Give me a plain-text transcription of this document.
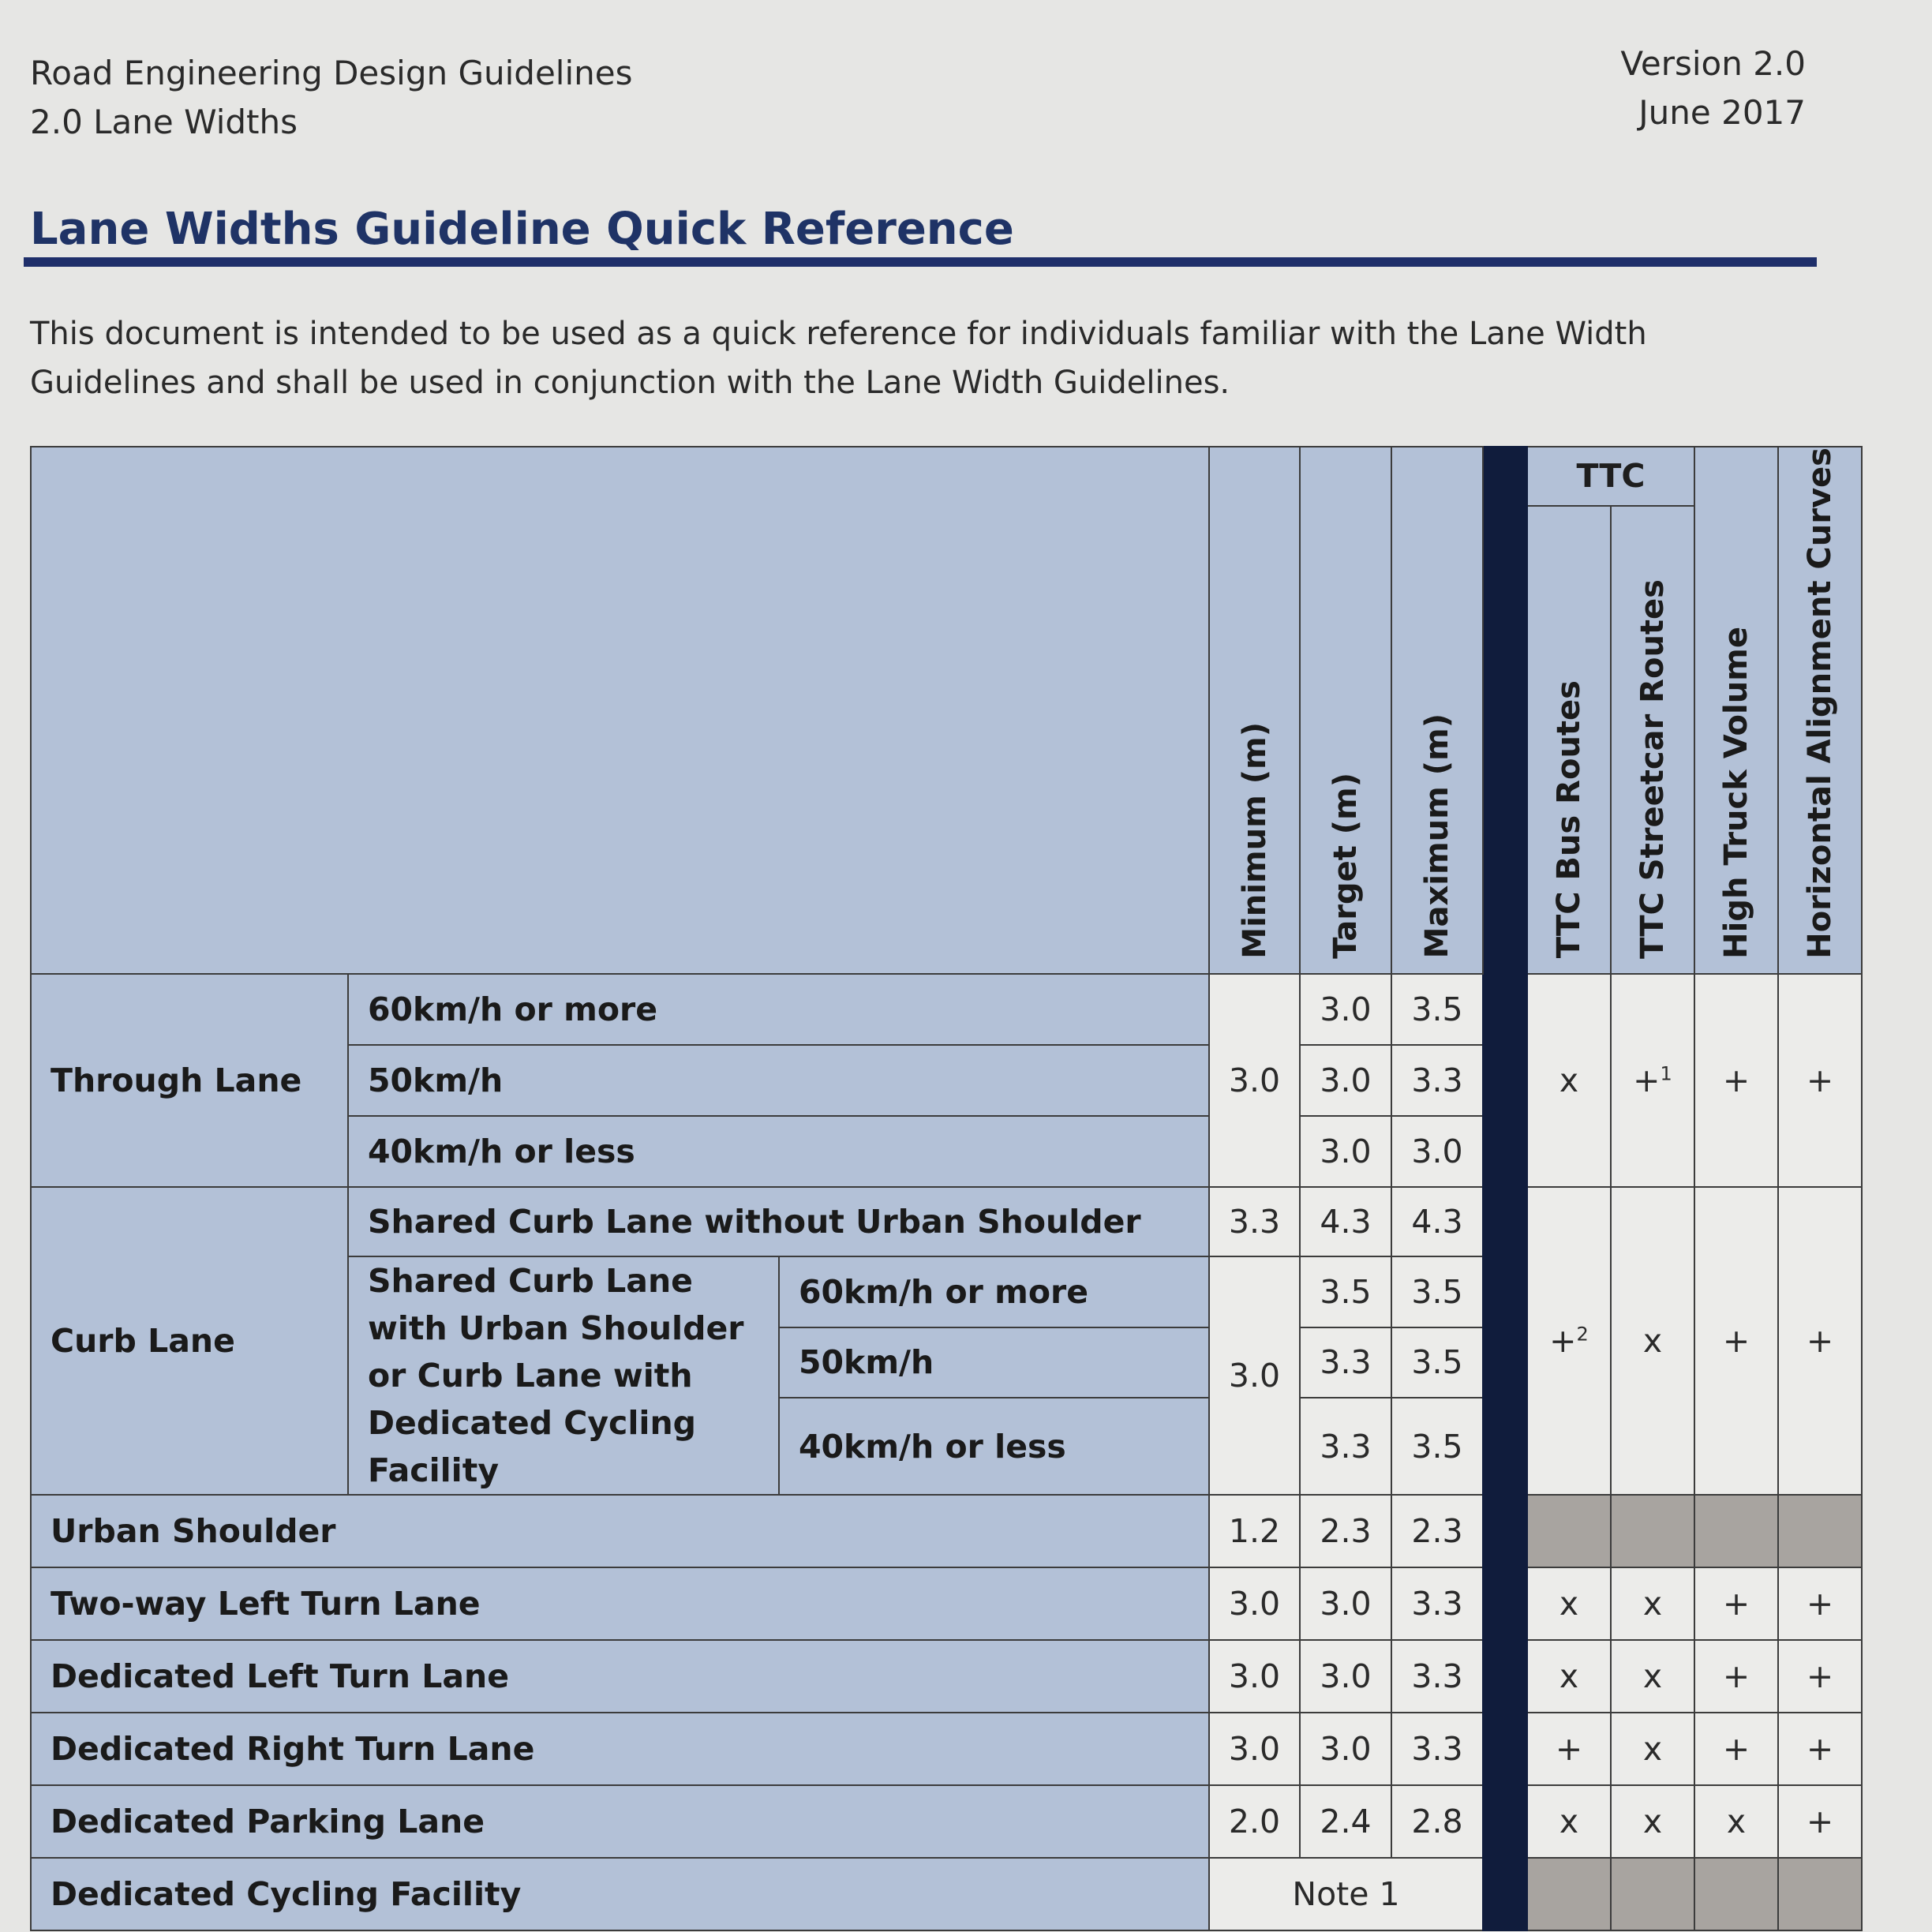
Road Engineering Design Guidelines
2.0 Lane Widths
Version 2.0
June 2017
Lane Widths Guideline Quick Reference
This document is intended to be used as a quick reference for individuals familiar with the Lane Width Guidelines and shall be used in conjunction with the Lane Width Guidelines.

			Minimum (m)	Target (m)	Maximum (m)		TTC		High Truck Volume	Horizontal Alignment Curves

							TTC Bus Routes	TTC Streetcar Routes		

Through Lane	60km/h or more		3.0	3.0	3.5		x	+$^1$	+	+
	50km/h			3.0	3.3					
	40km/h or less			3.0	3.0					
Curb Lane	Shared Curb Lane without Urban Shoulder		3.3	4.3	4.3		+$^2$	x	+	+
	Shared Curb Lane with Urban Shoulder or Curb Lane with Dedicated Cycling Facility	60km/h or more	3.0	3.5	3.5					
		50km/h		3.3	3.5					
		40km/h or less		3.3	3.5					
Urban Shoulder			1.2	2.3	2.3					
Two-way Left Turn Lane			3.0	3.0	3.3		x	x	+	+
Dedicated Left Turn Lane			3.0	3.0	3.3		x	x	+	+
Dedicated Right Turn Lane			3.0	3.0	3.3		+	x	+	+
Dedicated Parking Lane			2.0	2.4	2.8		x	x	x	+
Dedicated Cycling Facility			Note 1							
